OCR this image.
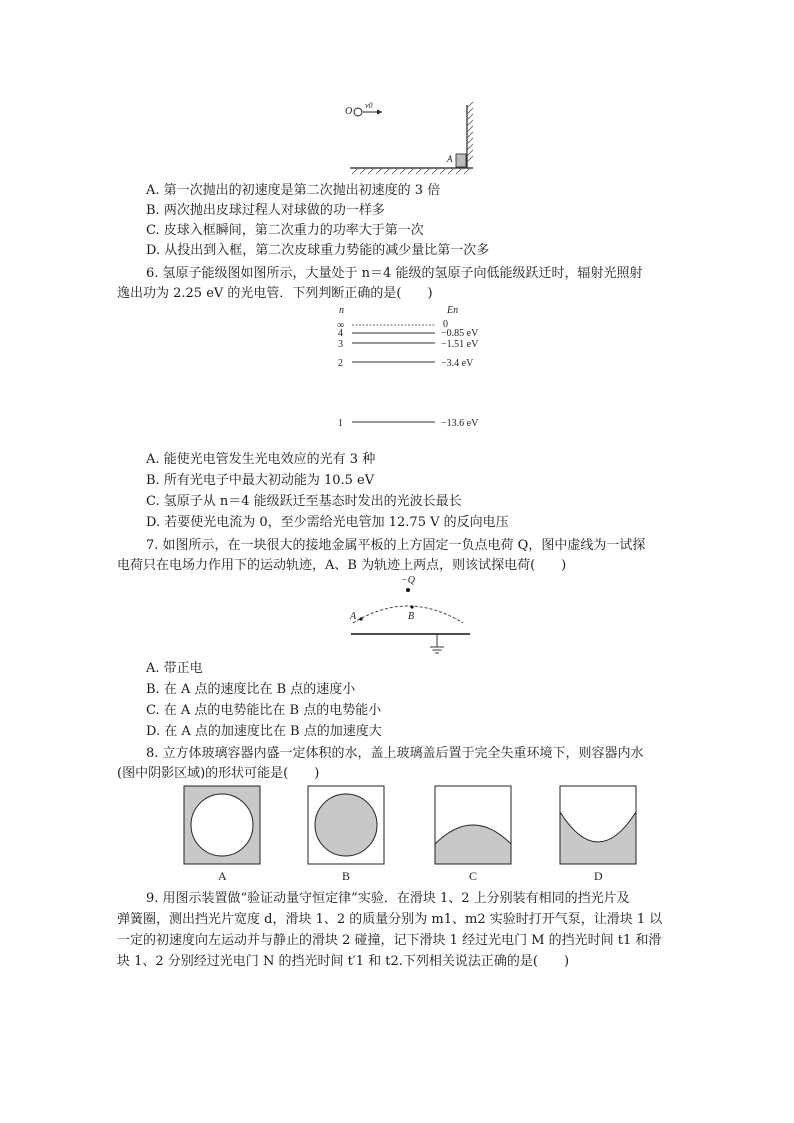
O
v0
A
A. 第一次抛出的初速度是第二次抛出初速度的 3 倍
B. 两次抛出皮球过程人对球做的功一样多
C. 皮球入框瞬间，第二次重力的功率大于第一次
D. 从投出到入框，第二次皮球重力势能的减少量比第一次多
6. 氢原子能级图如图所示，大量处于 n＝4 能级的氢原子向低能级跃迁时，辐射光照射
逸出功为 2.25 eV 的光电管．下列判断正确的是(　　)
n	En
∞	0
4	−0.85 eV
3	−1.51 eV
2	−3.4 eV
1	−13.6 eV
A. 能使光电管发生光电效应的光有 3 种
B. 所有光电子中最大初动能为 10.5 eV
C. 氢原子从 n＝4 能级跃迁至基态时发出的光波长最长
D. 若要使光电流为 0，至少需给光电管加 12.75 V 的反向电压
7. 如图所示，在一块很大的接地金属平板的上方固定一负点电荷 Q，图中虚线为一试探
电荷只在电场力作用下的运动轨迹，A、B 为轨迹上两点，则该试探电荷(　　)
−Q
A	B
A. 带正电
B. 在 A 点的速度比在 B 点的速度小
C. 在 A 点的电势能比在 B 点的电势能小
D. 在 A 点的加速度比在 B 点的加速度大
8. 立方体玻璃容器内盛一定体积的水，盖上玻璃盖后置于完全失重环境下，则容器内水
(图中阴影区域)的形状可能是(　　)
A	B	C	D
9. 用图示装置做“验证动量守恒定律”实验．在滑块 1、2 上分别装有相同的挡光片及
弹簧圈，测出挡光片宽度 d，滑块 1、2 的质量分别为 m1、m2 实验时打开气泵，让滑块 1 以
一定的初速度向左运动并与静止的滑块 2 碰撞，记下滑块 1 经过光电门 M 的挡光时间 t1 和滑
块 1、2 分别经过光电门 N 的挡光时间 t′1 和 t2.下列相关说法正确的是(　　)
